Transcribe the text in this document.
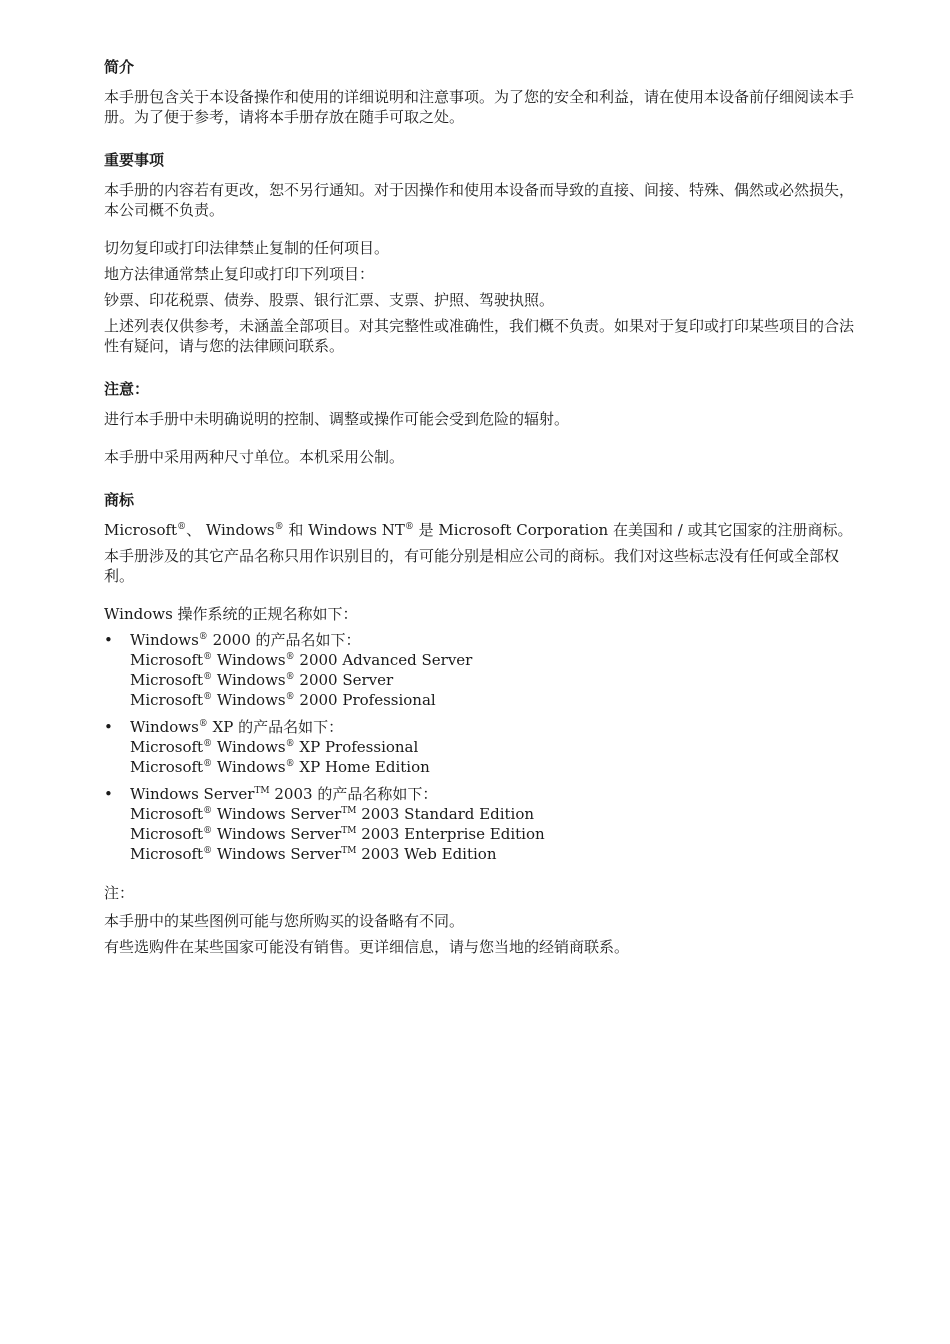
简介

本手册包含关于本设备操作和使用的详细说明和注意事项。为了您的安全和利益，请在使用本设备前仔细阅读本手册。为了便于参考，请将本手册存放在随手可取之处。

重要事项

本手册的内容若有更改，恕不另行通知。对于因操作和使用本设备而导致的直接、间接、特殊、偶然或必然损失，本公司概不负责。

切勿复印或打印法律禁止复制的任何项目。

地方法律通常禁止复印或打印下列项目：

钞票、印花税票、债券、股票、银行汇票、支票、护照、驾驶执照。

上述列表仅供参考，未涵盖全部项目。对其完整性或准确性，我们概不负责。如果对于复印或打印某些项目的合法性有疑问，请与您的法律顾问联系。

注意：

进行本手册中未明确说明的控制、调整或操作可能会受到危险的辐射。

本手册中采用两种尺寸单位。本机采用公制。

商标

Microsoft®、 Windows® 和 Windows NT® 是 Microsoft Corporation 在美国和 / 或其它国家的注册商标。

本手册涉及的其它产品名称只用作识别目的，有可能分别是相应公司的商标。我们对这些标志没有任何或全部权利。

Windows 操作系统的正规名称如下：

• Windows® 2000 的产品名如下：
Microsoft® Windows® 2000 Advanced Server
Microsoft® Windows® 2000 Server
Microsoft® Windows® 2000 Professional
• Windows® XP 的产品名如下：
Microsoft® Windows® XP Professional
Microsoft® Windows® XP Home Edition
• Windows Server™ 2003 的产品名称如下：
Microsoft® Windows Server™ 2003 Standard Edition
Microsoft® Windows Server™ 2003 Enterprise Edition
Microsoft® Windows Server™ 2003 Web Edition

注：

本手册中的某些图例可能与您所购买的设备略有不同。

有些选购件在某些国家可能没有销售。更详细信息，请与您当地的经销商联系。
